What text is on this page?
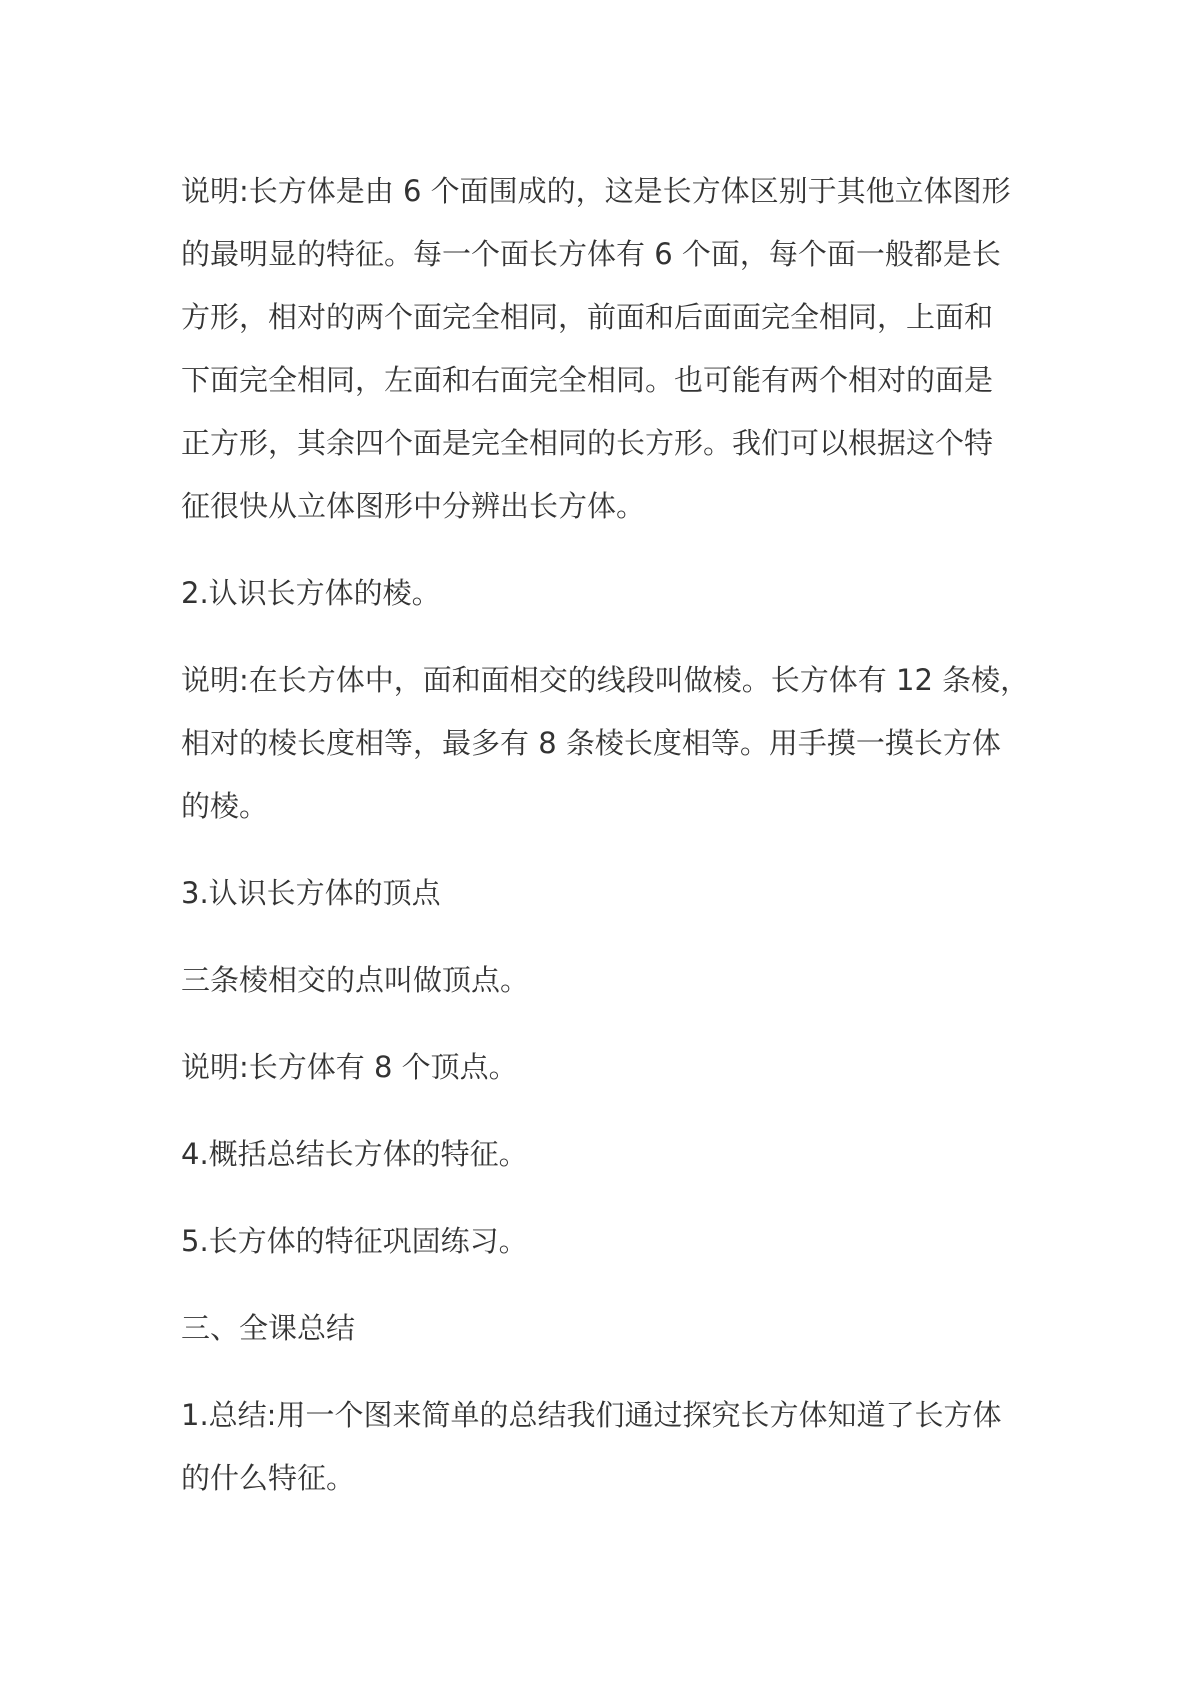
说明:长方体是由 6 个面围成的，这是长方体区别于其他立体图形
的最明显的特征。每一个面长方体有 6 个面，每个面一般都是长
方形，相对的两个面完全相同，前面和后面面完全相同，上面和
下面完全相同，左面和右面完全相同。也可能有两个相对的面是
正方形，其余四个面是完全相同的长方形。我们可以根据这个特
征很快从立体图形中分辨出长方体。

2.认识长方体的棱。

说明:在长方体中，面和面相交的线段叫做棱。长方体有 12 条棱，
相对的棱长度相等，最多有 8 条棱长度相等。用手摸一摸长方体
的棱。

3.认识长方体的顶点

三条棱相交的点叫做顶点。

说明:长方体有 8 个顶点。

4.概括总结长方体的特征。

5.长方体的特征巩固练习。

三、全课总结

1.总结:用一个图来简单的总结我们通过探究长方体知道了长方体
的什么特征。
